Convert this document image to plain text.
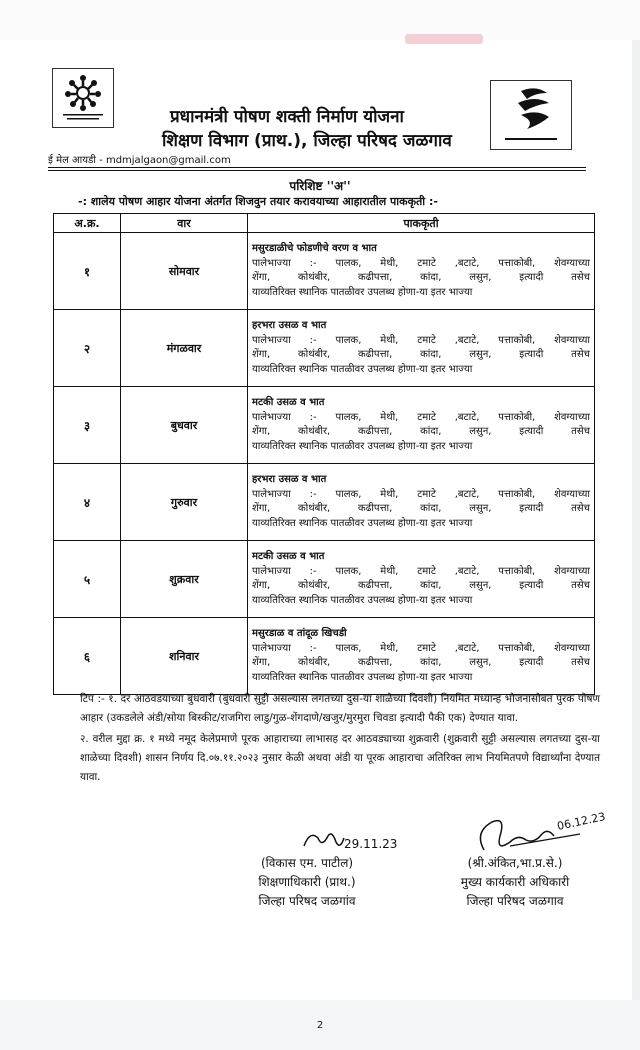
प्रधानमंत्री पोषण शक्ती निर्माण योजना
शिक्षण विभाग (प्राथ.), जिल्हा परिषद जळगाव
ई मेल आयडी - mdmjalgaon@gmail.com
परिशिष्ट ''अ''
-: शालेय पोषण आहार योजना अंतर्गत शिजवुन तयार करावयाच्या आहारातील पाककृती :-
अ.क्र.	वार	पाककृती
१	सोमवार	मसुरडाळीचे फोडणीचे वरण व भात
पालेभाज्या :- पालक, मेथी, टमाटे ,बटाटे, पत्ताकोबी, शेवग्याच्या
शेंगा, कोथंबीर, कढीपत्ता, कांदा, लसुन, इत्यादी तसेच
याव्यतिरिक्त स्थानिक पातळीवर उपलब्ध होणा-या इतर भाज्या

२	मंगळवार	हरभरा उसळ व भात
पालेभाज्या :- पालक, मेथी, टमाटे ,बटाटे, पत्ताकोबी, शेवग्याच्या
शेंगा, कोथंबीर, कढीपत्ता, कांदा, लसुन, इत्यादी तसेच
याव्यतिरिक्त स्थानिक पातळीवर उपलब्ध होणा-या इतर भाज्या

३	बुधवार	मटकी उसळ व भात
पालेभाज्या :- पालक, मेथी, टमाटे ,बटाटे, पत्ताकोबी, शेवग्याच्या
शेंगा, कोथंबीर, कढीपत्ता, कांदा, लसुन, इत्यादी तसेच
याव्यतिरिक्त स्थानिक पातळीवर उपलब्ध होणा-या इतर भाज्या

४	गुरुवार	हरभरा उसळ व भात
पालेभाज्या :- पालक, मेथी, टमाटे ,बटाटे, पत्ताकोबी, शेवग्याच्या
शेंगा, कोथंबीर, कढीपत्ता, कांदा, लसुन, इत्यादी तसेच
याव्यतिरिक्त स्थानिक पातळीवर उपलब्ध होणा-या इतर भाज्या

५	शुक्रवार	मटकी उसळ व भात
पालेभाज्या :- पालक, मेथी, टमाटे ,बटाटे, पत्ताकोबी, शेवग्याच्या
शेंगा, कोथंबीर, कढीपत्ता, कांदा, लसुन, इत्यादी तसेच
याव्यतिरिक्त स्थानिक पातळीवर उपलब्ध होणा-या इतर भाज्या

६	शनिवार	मसुरडाळ व तांदूळ खिचडी
पालेभाज्या :- पालक, मेथी, टमाटे ,बटाटे, पत्ताकोबी, शेवग्याच्या
शेंगा, कोथंबीर, कढीपत्ता, कांदा, लसुन, इत्यादी तसेच
याव्यतिरिक्त स्थानिक पातळीवर उपलब्ध होणा-या इतर भाज्या
टिप :- १. दर आठवडयाच्या बुधवारी (बुधवारी सुट्टी असल्यास लगतच्या दुस-या शाळेच्या दिवशी) नियमित मध्यान्ह भोजनासोबत पुरक पोषण आहार (उकडलेले अंडी/सोया बिस्कीट/राजगिरा लाडु/गुळ-शेंगदाणे/खजुर/मुरमुरा चिवडा इत्यादी पैकी एक) देण्यात यावा.
२. वरील मुद्दा क्र. १ मध्ये नमूद केलेप्रमाणे पूरक आहाराच्या लाभासह दर आठवड्याच्या शुक्रवारी (शुक्रवारी सुट्टी असल्यास लगतच्या दुस-या शाळेच्या दिवशी) शासन निर्णय दि.०७.११.२०२३ नुसार केळी अथवा अंडी या पूरक आहाराचा अतिरिक्त लाभ नियमितपणे विद्यार्थ्यांना देण्यात यावा.
29.11.23
(विकास एम. पाटील)
शिक्षणाधिकारी (प्राथ.)
जिल्हा परिषद जळगांव
06.12.23
(श्री.अंकित,भा.प्र.से.)
मुख्य कार्यकारी अधिकारी
जिल्हा परिषद जळगाव
2
